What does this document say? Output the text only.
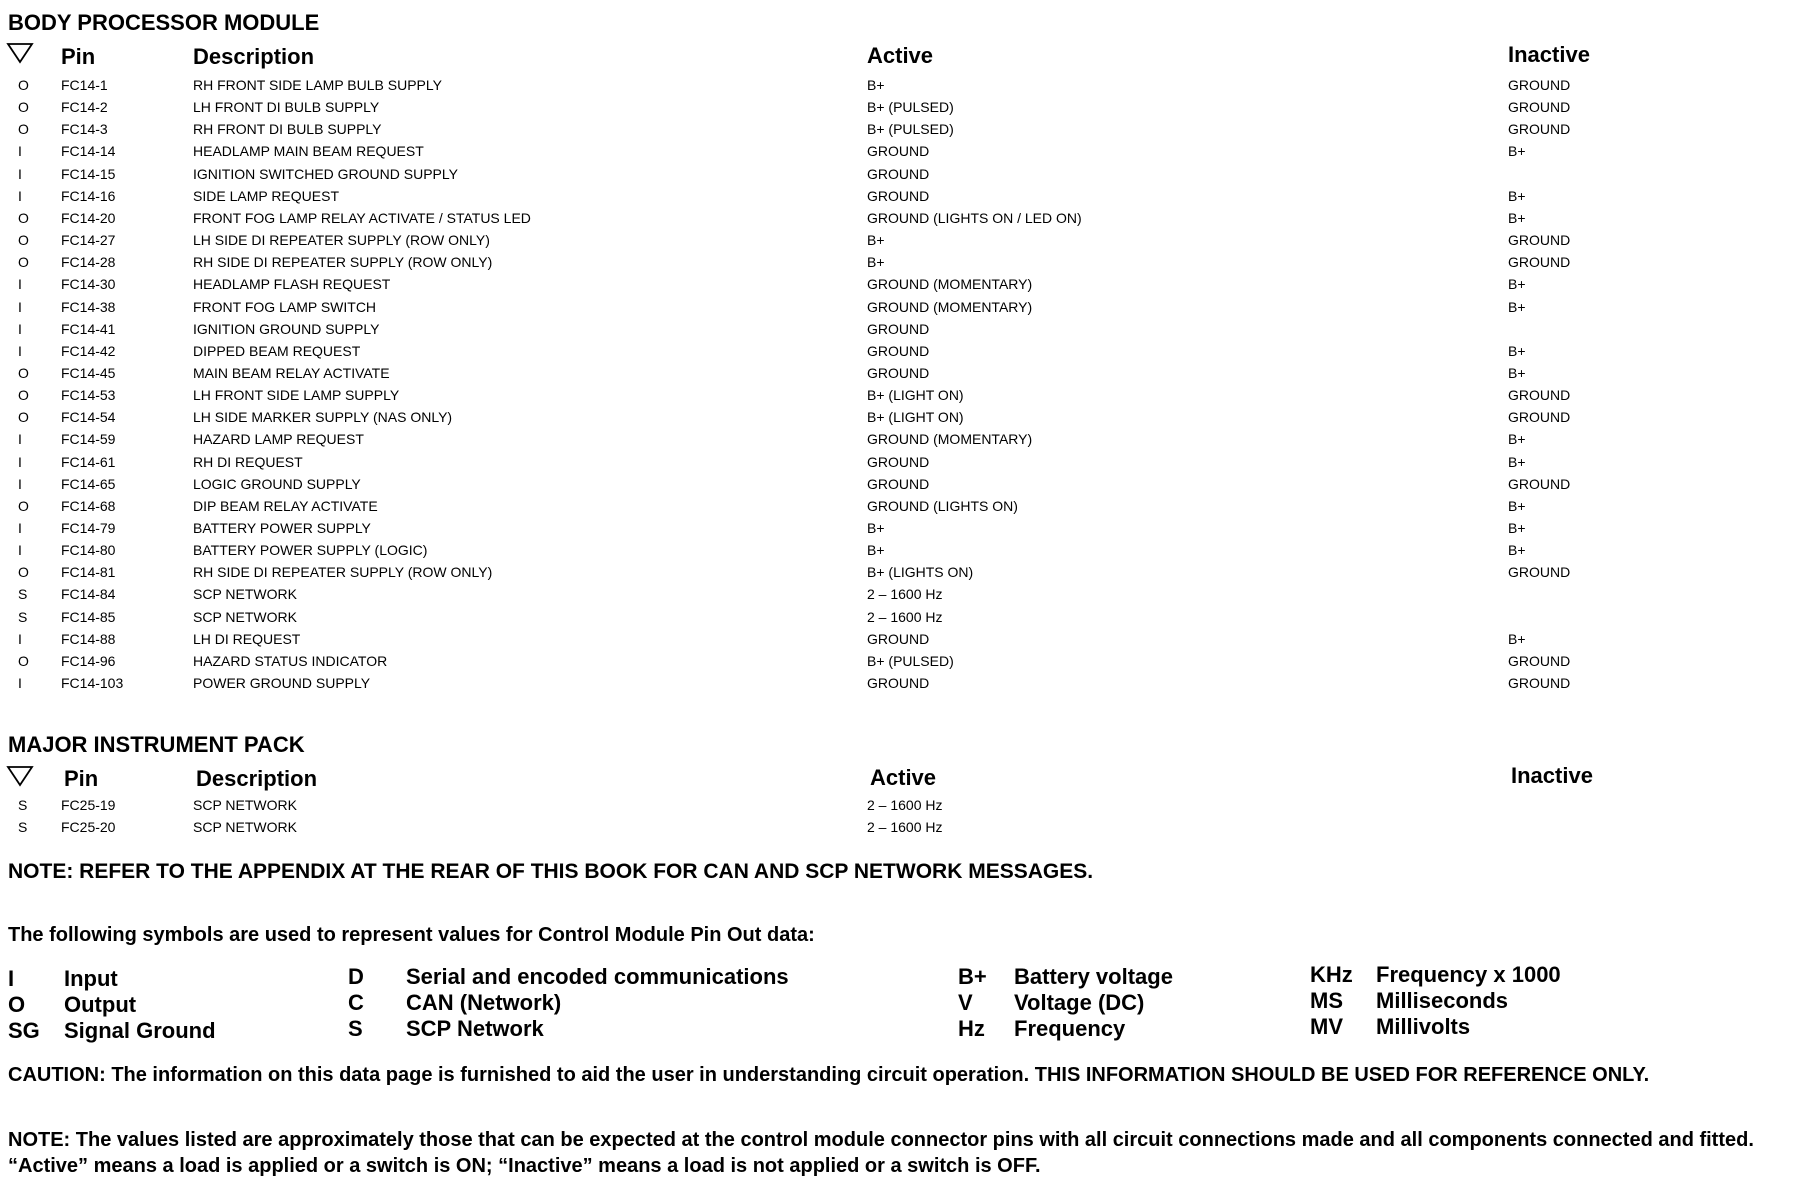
BODY PROCESSOR MODULE
Pin	Description	Active	Inactive
O FC14-1	RH FRONT SIDE LAMP BULB SUPPLY	B+	GROUND
O FC14-2	LH FRONT DI BULB SUPPLY	B+ (PULSED)	GROUND
O FC14-3	RH FRONT DI BULB SUPPLY	B+ (PULSED)	GROUND
I	FC14-14	HEADLAMP MAIN BEAM REQUEST	GROUND	B+
I	FC14-15	IGNITION SWITCHED GROUND SUPPLY	GROUND
I	FC14-16	SIDE LAMP REQUEST	GROUND	B+
O FC14-20	FRONT FOG LAMP RELAY ACTIVATE / STATUS LED	GROUND (LIGHTS ON / LED ON)	B+
O FC14-27	LH SIDE DI REPEATER SUPPLY (ROW ONLY)	B+	GROUND
O FC14-28	RH SIDE DI REPEATER SUPPLY (ROW ONLY)	B+	GROUND
I	FC14-30	HEADLAMP FLASH REQUEST	GROUND (MOMENTARY)	B+
I	FC14-38	FRONT FOG LAMP SWITCH	GROUND (MOMENTARY)	B+
I	FC14-41	IGNITION GROUND SUPPLY	GROUND
I	FC14-42	DIPPED BEAM REQUEST	GROUND	B+
O FC14-45	MAIN BEAM RELAY ACTIVATE	GROUND	B+
O FC14-53	LH FRONT SIDE LAMP SUPPLY	B+ (LIGHT ON)	GROUND
O FC14-54	LH SIDE MARKER SUPPLY (NAS ONLY)	B+ (LIGHT ON)	GROUND
I	FC14-59	HAZARD LAMP REQUEST	GROUND (MOMENTARY)	B+
I	FC14-61	RH DI REQUEST	GROUND	B+
I	FC14-65	LOGIC GROUND SUPPLY	GROUND	GROUND
O FC14-68	DIP BEAM RELAY ACTIVATE	GROUND (LIGHTS ON)	B+
I	FC14-79	BATTERY POWER SUPPLY	B+	B+
I	FC14-80	BATTERY POWER SUPPLY (LOGIC)	B+	B+
O FC14-81	RH SIDE DI REPEATER SUPPLY (ROW ONLY)	B+ (LIGHTS ON)	GROUND
S FC14-84	SCP NETWORK	2 – 1600 Hz
S FC14-85	SCP NETWORK	2 – 1600 Hz
I	FC14-88	LH DI REQUEST	GROUND	B+
O FC14-96	HAZARD STATUS INDICATOR	B+ (PULSED)	GROUND
I	FC14-103	POWER GROUND SUPPLY	GROUND	GROUND
MAJOR INSTRUMENT PACK
Pin	Description	Active	Inactive
S FC25-19	SCP NETWORK	2 – 1600 Hz
S FC25-20	SCP NETWORK	2 – 1600 Hz
NOTE: REFER TO THE APPENDIX AT THE REAR OF THIS BOOK FOR CAN AND SCP NETWORK MESSAGES.
The following symbols are used to represent values for Control Module Pin Out data:
I Input
O Output
SG Signal Ground
D Serial and encoded communications
C CAN (Network)
S SCP Network
B+ Battery voltage
V Voltage (DC)
Hz Frequency
KHz Frequency x 1000
MS Milliseconds
MV Millivolts
CAUTION: The information on this data page is furnished to aid the user in understanding circuit operation. THIS INFORMATION SHOULD BE USED FOR REFERENCE ONLY.
NOTE: The values listed are approximately those that can be expected at the control module connector pins with all circuit connections made and all components connected and fitted. “Active” means a load is applied or a switch is ON; “Inactive” means a load is not applied or a switch is OFF.
